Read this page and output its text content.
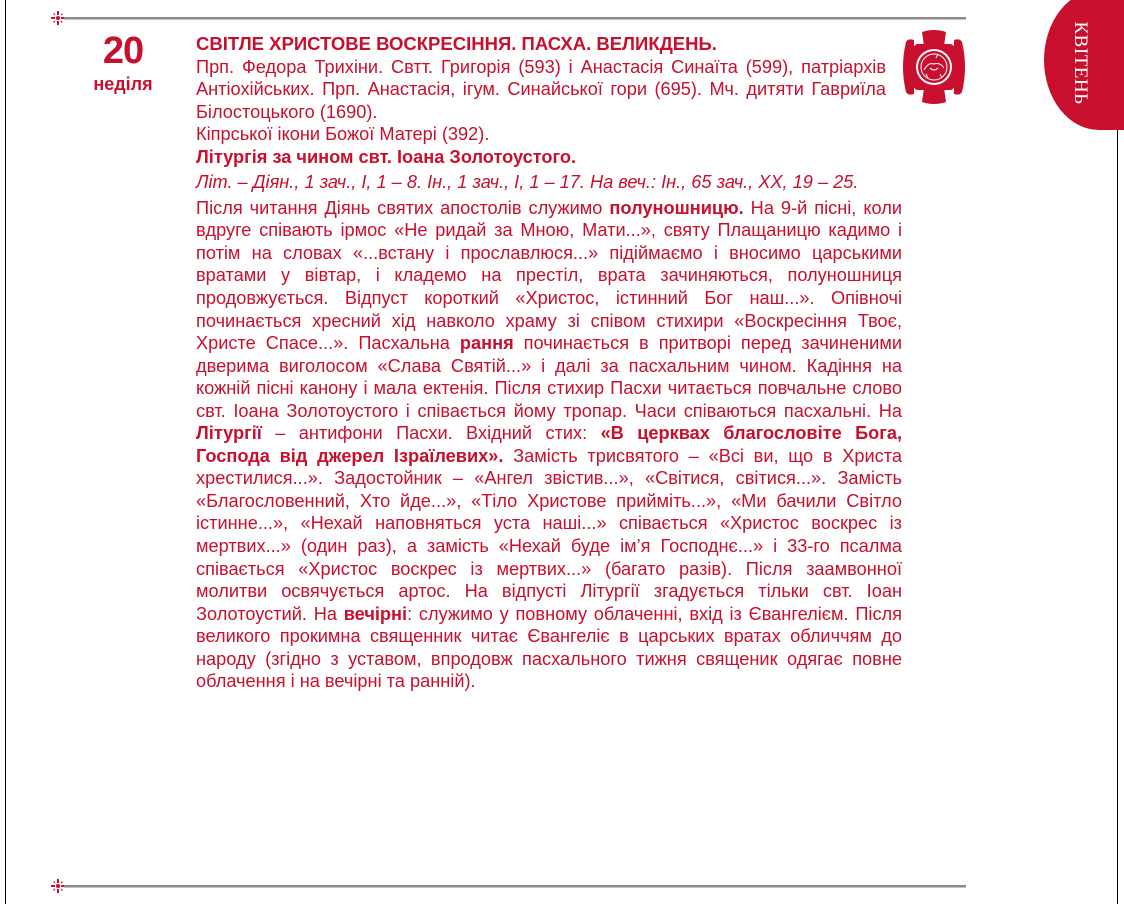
20
неділя

СВІТЛЕ ХРИСТОВЕ ВОСКРЕСІННЯ. ПАСХА. ВЕЛИКДЕНЬ.

Прп. Федора Трихіни. Свтт. Григорія (593) і Анастасія Синаїта (599), патріархів Антіохійських. Прп. Анастасія, ігум. Синайської гори (695). Мч. дитяти Гавриїла Білостоцького (1690).

Кіпрської ікони Божої Матері (392).

Літургія за чином свт. Іоана Золотоустого.

Літ. – Діян., 1 зач., І, 1 – 8. Ін., 1 зач., І, 1 – 17. На веч.: Ін., 65 зач., ХХ, 19 – 25.

Після читання Діянь святих апостолів служимо полуношницю. На 9-й пісні, коли вдруге співають ірмос «Не ридай за Мною, Мати...», святу Плащаницю кадимо і потім на словах «...встану і прославлюся...» підіймаємо і вносимо царськими вратами у вівтар, і кладемо на престіл, врата зачиняються, полуношниця продовжується. Відпуст короткий «Христос, істинний Бог наш...». Опівночі починається хресний хід навколо храму зі співом стихири «Воскресіння Твоє, Христе Спасе...». Пасхальна рання починається в притворі перед зачиненими дверима виголосом «Слава Святій...» і далі за пасхальним чином. Кадіння на кожній пісні канону і мала ектенія. Після стихир Пасхи читається повчальне слово свт. Іоана Золотоустого і співається йому тропар. Часи співаються пасхальні. На Літургії – антифони Пасхи. Вхідний стих: «В церквах благословіте Бога, Господа від джерел Ізраїлевих». Замість трисвятого – «Всі ви, що в Христа хрестилися...». Задостойник – «Ангел звістив...», «Світися, світися...». Замість «Благословенний, Хто йде...», «Тіло Христове прийміть...», «Ми бачили Світло істинне...», «Нехай наповняться уста наші...» співається «Христос воскрес із мертвих...» (один раз), а замість «Нехай буде ім’я Господнє...» і 33-го псалма співається «Христос воскрес із мертвих...» (багато разів). Після заамвонної молитви освячується артос. На відпусті Літургії згадується тільки свт. Іоан Золотоустий. На вечірні: служимо у повному облаченні, вхід із Євангелієм. Після великого прокимна священник читає Євангеліє в царських вратах обличчям до народу (згідно з уставом, впродовж пасхального тижня священик одягає повне облачення і на вечірні та ранній).

КВІТЕНЬ
